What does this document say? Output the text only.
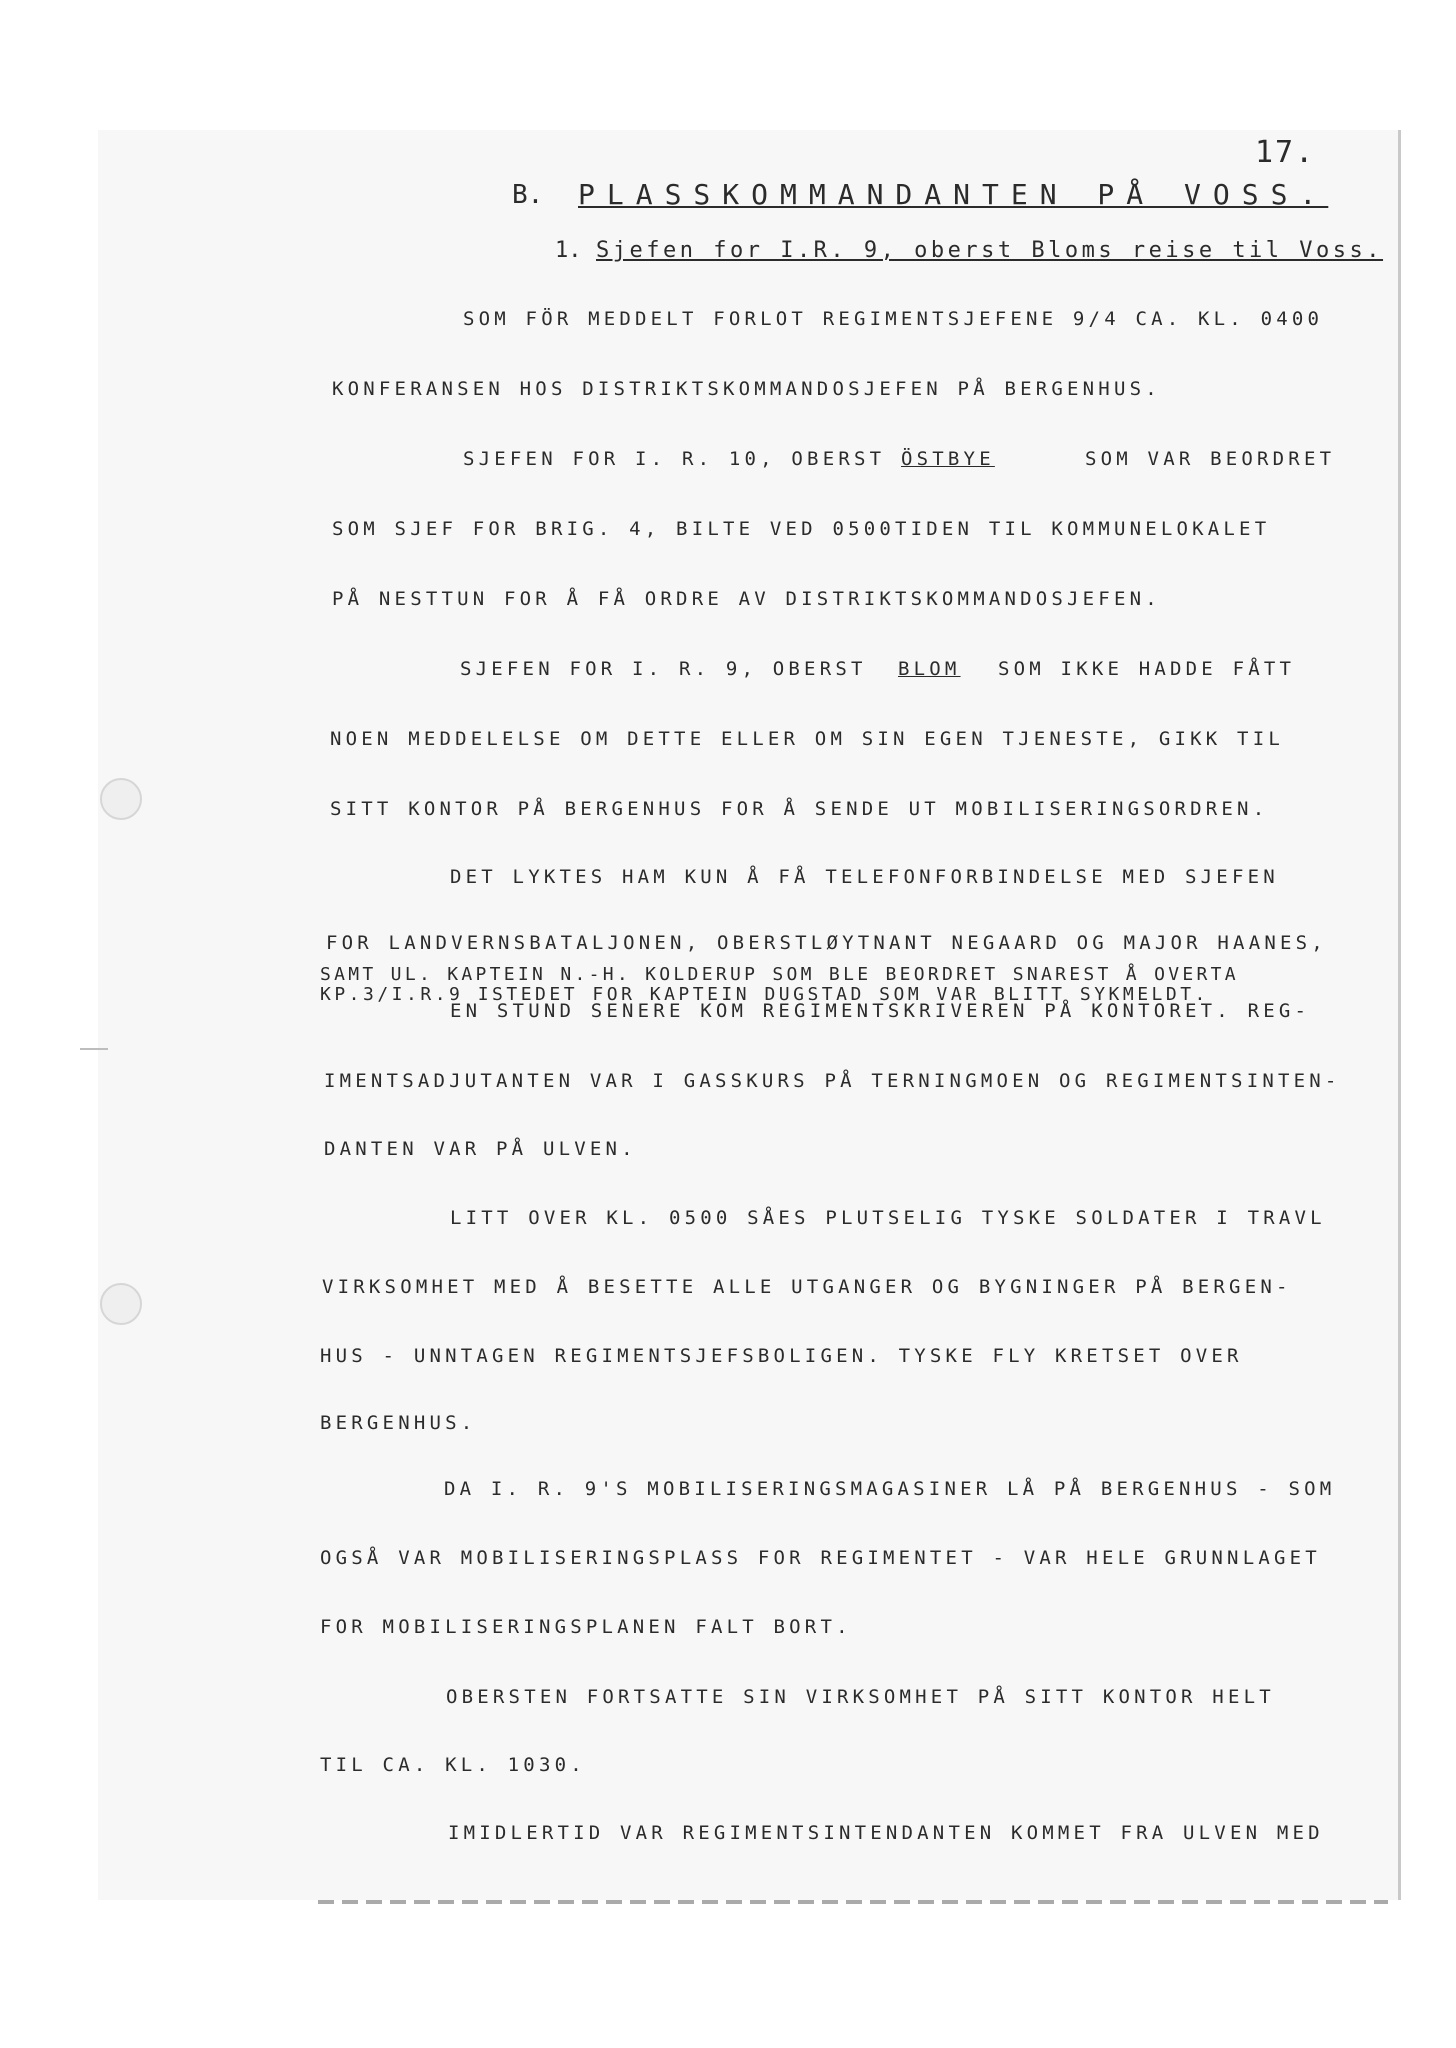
17.
B. PLASSKOMMANDANTEN PÅ VOSS.
1. Sjefen for I.R. 9, oberst Bloms reise til Voss.
SOM FÖR MEDDELT FORLOT REGIMENTSJEFENE 9/4 CA. KL. 0400
KONFERANSEN HOS DISTRIKTSKOMMANDOSJEFEN PÅ BERGENHUS.
SJEFEN FOR I. R. 10, OBERST ÖSTBYE	SOM VAR BEORDRET
SOM SJEF FOR BRIG. 4, BILTE VED 0500TIDEN TIL KOMMUNELOKALET
PÅ NESTTUN FOR Å FÅ ORDRE AV DISTRIKTSKOMMANDOSJEFEN.
SJEFEN FOR I. R. 9, OBERST BLOM SOM IKKE HADDE FÅTT
NOEN MEDDELELSE OM DETTE ELLER OM SIN EGEN TJENESTE, GIKK TIL
SITT KONTOR PÅ BERGENHUS FOR Å SENDE UT MOBILISERINGSORDREN.
DET LYKTES HAM KUN Å FÅ TELEFONFORBINDELSE MED SJEFEN
FOR LANDVERNSBATALJONEN, OBERSTLØYTNANT NEGAARD OG MAJOR HAANES,
SAMT UL. KAPTEIN N.-H. KOLDERUP SOM BLE BEORDRET SNAREST Å OVERTA
KP.3/I.R.9 ISTEDET FOR KAPTEIN DUGSTAD SOM VAR BLITT SYKMELDT.
EN STUND SENERE KOM REGIMENTSKRIVEREN PÅ KONTORET. REG-
IMENTSADJUTANTEN VAR I GASSKURS PÅ TERNINGMOEN OG REGIMENTSINTEN-
DANTEN VAR PÅ ULVEN.
LITT OVER KL. 0500 SÅES PLUTSELIG TYSKE SOLDATER I TRAVL
VIRKSOMHET MED Å BESETTE ALLE UTGANGER OG BYGNINGER PÅ BERGEN-
HUS - UNNTAGEN REGIMENTSJEFSBOLIGEN. TYSKE FLY KRETSET OVER
BERGENHUS.
DA I. R. 9'S MOBILISERINGSMAGASINER LÅ PÅ BERGENHUS - SOM
OGSÅ VAR MOBILISERINGSPLASS FOR REGIMENTET - VAR HELE GRUNNLAGET
FOR MOBILISERINGSPLANEN FALT BORT.
OBERSTEN FORTSATTE SIN VIRKSOMHET PÅ SITT KONTOR HELT
TIL CA. KL. 1030.
IMIDLERTID VAR REGIMENTSINTENDANTEN KOMMET FRA ULVEN MED
